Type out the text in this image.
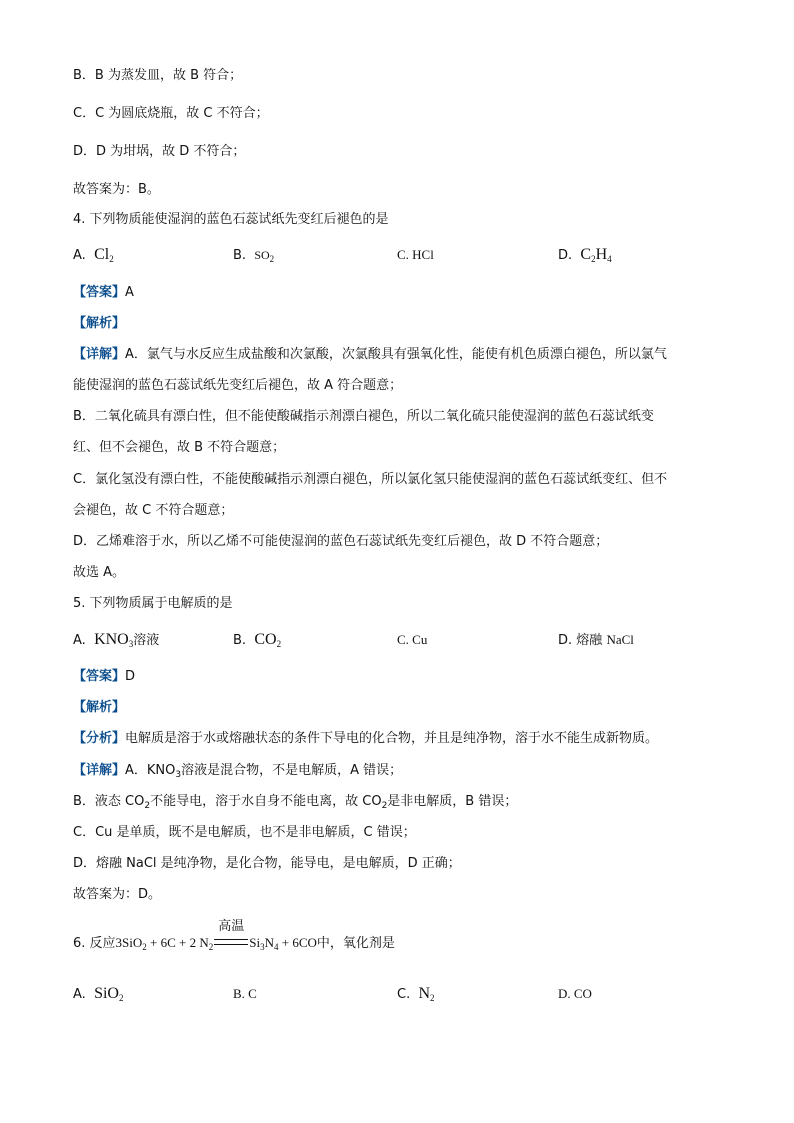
B．B 为蒸发皿，故 B 符合；
C．C 为圆底烧瓶，故 C 不符合；
D．D 为坩埚，故 D 不符合；
故答案为：B。
4. 下列物质能使湿润的蓝色石蕊试纸先变红后褪色的是
A. $Cl_2$	B. $SO_2$	C. HCl	D. $C_2H_4$
【答案】A
【解析】
【详解】A．氯气与水反应生成盐酸和次氯酸，次氯酸具有强氧化性，能使有机色质漂白褪色，所以氯气
能使湿润的蓝色石蕊试纸先变红后褪色，故 A 符合题意；
B．二氧化硫具有漂白性，但不能使酸碱指示剂漂白褪色，所以二氧化硫只能使湿润的蓝色石蕊试纸变
红、但不会褪色，故 B 不符合题意；
C．氯化氢没有漂白性，不能使酸碱指示剂漂白褪色，所以氯化氢只能使湿润的蓝色石蕊试纸变红、但不
会褪色，故 C 不符合题意；
D．乙烯难溶于水，所以乙烯不可能使湿润的蓝色石蕊试纸先变红后褪色，故 D 不符合题意；
故选 A。
5. 下列物质属于电解质的是
A. $KNO_3$溶液	B. $CO_2$	C. Cu	D. 熔融 NaCl
【答案】D
【解析】
【分析】电解质是溶于水或熔融状态的条件下导电的化合物，并且是纯净物，溶于水不能生成新物质。
【详解】A．$KNO_3$溶液是混合物，不是电解质，A 错误；
B．液态 $CO_2$不能导电，溶于水自身不能电离，故 $CO_2$是非电解质，B 错误；
C．Cu 是单质，既不是电解质，也不是非电解质，C 错误；
D．熔融 NaCl 是纯净物，是化合物，能导电，是电解质，D 正确；
故答案为：D。
6. 反应3SiO$_2$ + 6C + 2 $N_2$
高温
$Si_3N_4 + 6CO$中，氧化剂是
A. SiO$_2$	B. C	C. $N_2$	D. CO
